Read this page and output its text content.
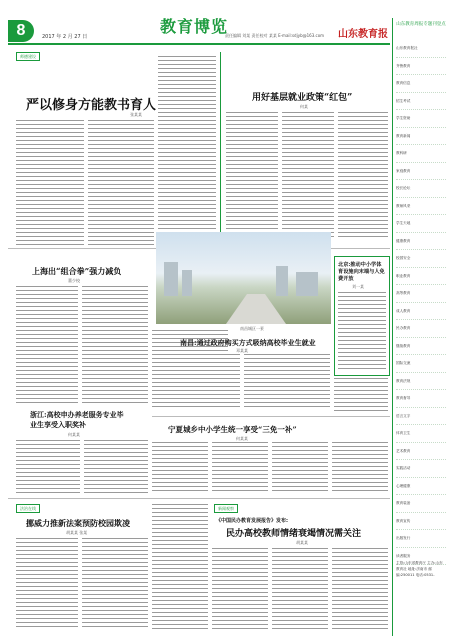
8	教育博览
2017 年 2 月 27 日	责任编辑 刘某 责任校对 某某 E-mail:sdjyb@163.com 山东教育报
师德建设
严以修身方能教书育人
张某某
用好基层就业政策“红包”
何某
上海出“组合拳”强力减负
董少校
南昌城区一景
北京:推动中小学体育设施向末端与人免费开放
刘一某
南昌:通过政府购买方式吸纳高校毕业生就业
邓某某
浙江:高校申办养老服务专业毕业生享受入职奖补
何某某
宁夏城乡中小学生统一享受“三免一补”
何某某
法治在线
挪威力推新法案预防校园欺凌
胡某某 张某
新闻观察
《中国民办教育发展报告》发布:
民办高校教师情绪衰竭情况需关注
胡某某
山东教育周报专题刊登点
山东教育报社
齐鲁教育
教育信息
招生考试
学生资助
教育新闻
教科研
家庭教育
校长论坛
教师风采
学生天地
健康教育
校园安全
职业教育
高等教育
成人教育
民办教育
继续教育
国际交流
教育法规
教育督导
语言文字
体育卫生
艺术教育
实践活动
心理健康
教育装备
教育宣传
出版发行
读者服务
主管:山东省教育厅 主办:山东教育社 地址:济南市 邮编:250011 电话:0531-
